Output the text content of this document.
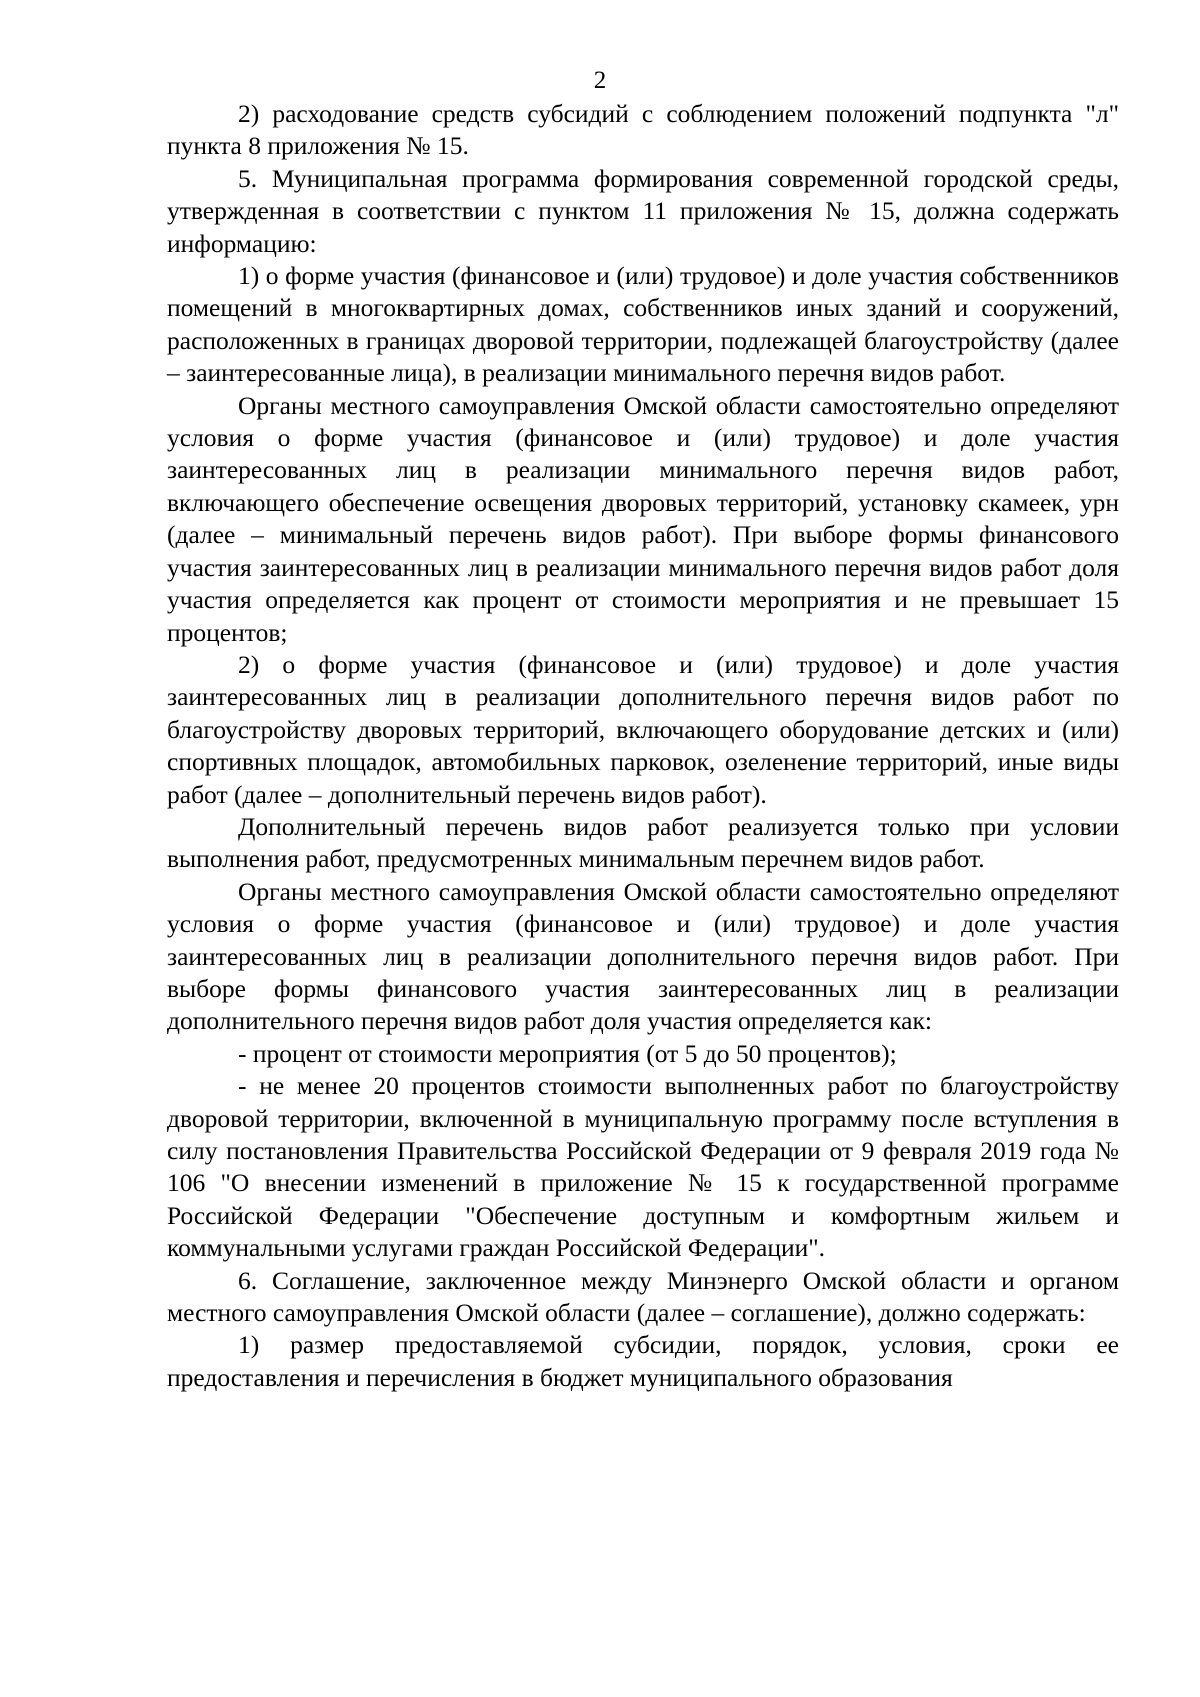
2

2) расходование средств субсидий с соблюдением положений подпункта "л" пункта 8 приложения № 15.

5. Муниципальная программа формирования современной городской среды, утвержденная в соответствии с пунктом 11 приложения № 15, должна содержать информацию:

1) о форме участия (финансовое и (или) трудовое) и доле участия собственников помещений в многоквартирных домах, собственников иных зданий и сооружений, расположенных в границах дворовой территории, подлежащей благоустройству (далее – заинтересованные лица), в реализации минимального перечня видов работ.

Органы местного самоуправления Омской области самостоятельно определяют условия о форме участия (финансовое и (или) трудовое) и доле участия заинтересованных лиц в реализации минимального перечня видов работ, включающего обеспечение освещения дворовых территорий, установку скамеек, урн (далее – минимальный перечень видов работ). При выборе формы финансового участия заинтересованных лиц в реализации минимального перечня видов работ доля участия определяется как процент от стоимости мероприятия и не превышает 15 процентов;

2) о форме участия (финансовое и (или) трудовое) и доле участия заинтересованных лиц в реализации дополнительного перечня видов работ по благоустройству дворовых территорий, включающего оборудование детских и (или) спортивных площадок, автомобильных парковок, озеленение территорий, иные виды работ (далее – дополнительный перечень видов работ).

Дополнительный перечень видов работ реализуется только при условии выполнения работ, предусмотренных минимальным перечнем видов работ.

Органы местного самоуправления Омской области самостоятельно определяют условия о форме участия (финансовое и (или) трудовое) и доле участия заинтересованных лиц в реализации дополнительного перечня видов работ. При выборе формы финансового участия заинтересованных лиц в реализации дополнительного перечня видов работ доля участия определяется как:

- процент от стоимости мероприятия (от 5 до 50 процентов);

- не менее 20 процентов стоимости выполненных работ по благоустройству дворовой территории, включенной в муниципальную программу после вступления в силу постановления Правительства Российской Федерации от 9 февраля 2019 года № 106 "О внесении изменений в приложение № 15 к государственной программе Российской Федерации "Обеспечение доступным и комфортным жильем и коммунальными услугами граждан Российской Федерации".

6. Соглашение, заключенное между Минэнерго Омской области и органом местного самоуправления Омской области (далее – соглашение), должно содержать:

1) размер предоставляемой субсидии, порядок, условия, сроки ее предоставления и перечисления в бюджет муниципального образования
